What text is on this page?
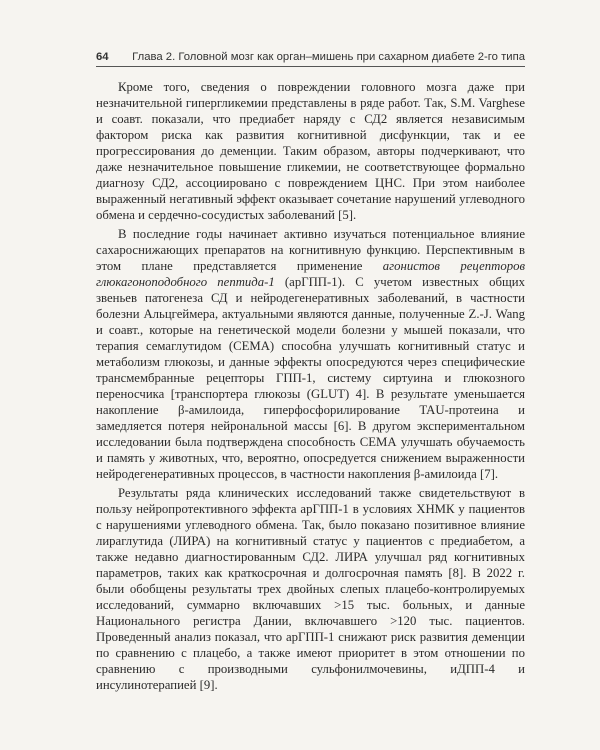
64 Глава 2. Головной мозг как орган–мишень при сахарном диабете 2-го типа

Кроме того, сведения о повреждении головного мозга даже при незначительной гипергликемии представлены в ряде работ. Так, S.M. Varghese и соавт. показали, что предиабет наряду с СД2 является независимым фактором риска как развития когнитивной дисфункции, так и ее прогрессирования до деменции. Таким образом, авторы подчеркивают, что даже незначительное повышение гликемии, не соответствующее формально диагнозу СД2, ассоциировано с повреждением ЦНС. При этом наиболее выраженный негативный эффект оказывает сочетание нарушений углеводного обмена и сердечно-сосудистых заболеваний [5].

В последние годы начинает активно изучаться потенциальное влияние сахароснижающих препаратов на когнитивную функцию. Перспективным в этом плане представляется применение агонистов рецепторов глюкагоноподобного пептида-1 (арГПП-1). С учетом известных общих звеньев патогенеза СД и нейродегенеративных заболеваний, в частности болезни Альцгеймера, актуальными являются данные, полученные Z.-J. Wang и соавт., которые на генетической модели болезни у мышей показали, что терапия семаглутидом (СЕМА) способна улучшать когнитивный статус и метаболизм глюкозы, и данные эффекты опосредуются через специфические трансмембранные рецепторы ГПП-1, систему сиртуина и глюкозного переносчика [транспортера глюкозы (GLUT) 4]. В результате уменьшается накопление β-амилоида, гиперфосфорилирование TAU-протеина и замедляется потеря нейрональной массы [6]. В другом экспериментальном исследовании была подтверждена способность СЕМА улучшать обучаемость и память у животных, что, вероятно, опосредуется снижением выраженности нейродегенеративных процессов, в частности накопления β-амилоида [7].

Результаты ряда клинических исследований также свидетельствуют в пользу нейропротективного эффекта арГПП-1 в условиях ХНМК у пациентов с нарушениями углеводного обмена. Так, было показано позитивное влияние лираглутида (ЛИРА) на когнитивный статус у пациентов с предиабетом, а также недавно диагностированным СД2. ЛИРА улучшал ряд когнитивных параметров, таких как краткосрочная и долгосрочная память [8]. В 2022 г. были обобщены результаты трех двойных слепых плацебо-контролируемых исследований, суммарно включавших >15 тыс. больных, и данные Национального регистра Дании, включавшего >120 тыс. пациентов. Проведенный анализ показал, что арГПП-1 снижают риск развития деменции по сравнению с плацебо, а также имеют приоритет в этом отношении по сравнению с производными сульфонилмочевины, иДПП-4 и инсулинотерапией [9].
